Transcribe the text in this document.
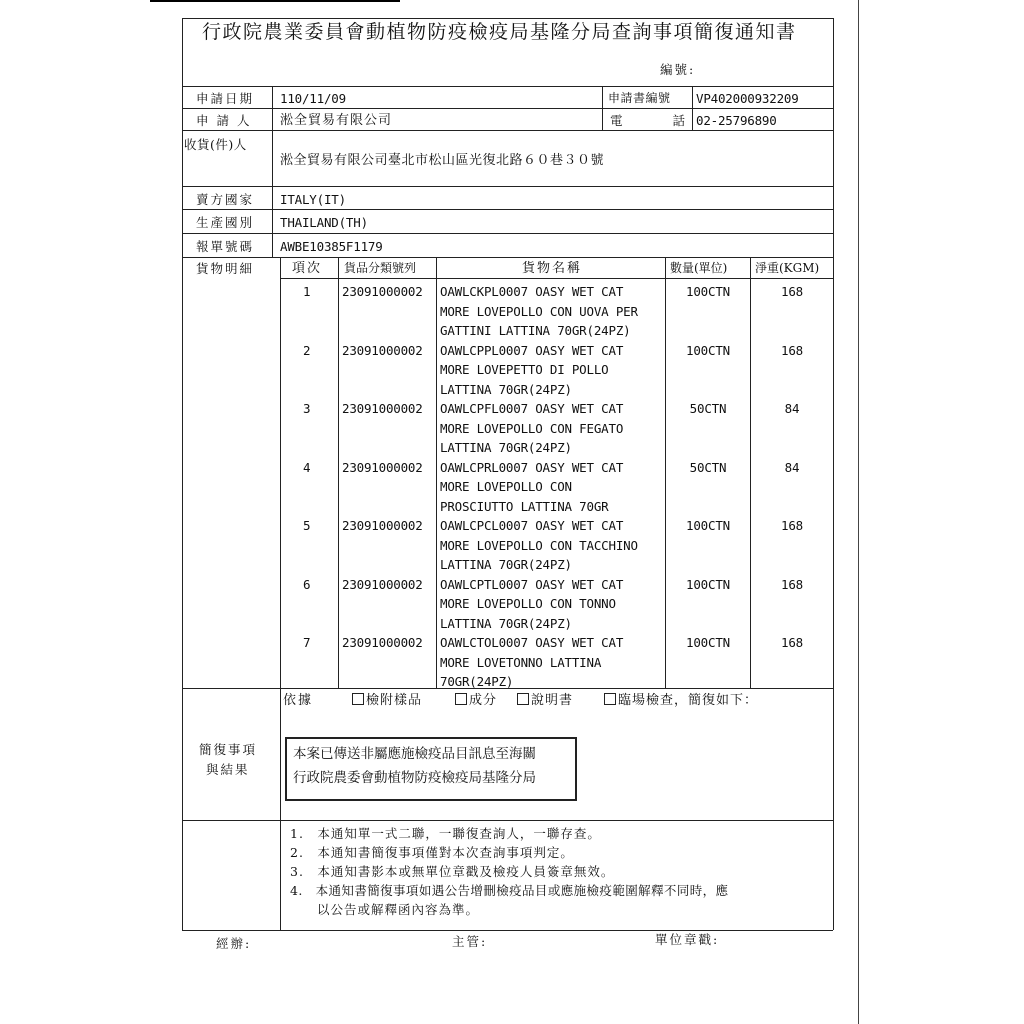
行政院農業委員會動植物防疫檢疫局基隆分局查詢事項簡復通知書
編號:
申請日期 110/11/09	申請書編號 VP402000932209
申 請 人 淞全貿易有限公司	電 話 02-25796890
收貨(件)人
淞全貿易有限公司臺北市松山區光復北路６０巷３０號
賣方國家 ITALY(IT)
生產國別 THAILAND(TH)
報單號碼 AWBE10385F1179
貨物明細	項次 貨品分類號列	貨物名稱	數量(單位) 淨重(KGM)
1	23091000002 OAWLCKPL0007 OASY WET CAT
MORE LOVEPOLLO CON UOVA PER
GATTINI LATTINA 70GR(24PZ)
100CTN	168
2	23091000002 OAWLCPPL0007 OASY WET CAT
MORE LOVEPETTO DI POLLO
LATTINA 70GR(24PZ)
100CTN	168
3	23091000002 OAWLCPFL0007 OASY WET CAT
MORE LOVEPOLLO CON FEGATO
LATTINA 70GR(24PZ)
50CTN	84
4	23091000002 OAWLCPRL0007 OASY WET CAT
MORE LOVEPOLLO CON
PROSCIUTTO LATTINA 70GR
50CTN	84
5	23091000002 OAWLCPCL0007 OASY WET CAT
MORE LOVEPOLLO CON TACCHINO
LATTINA 70GR(24PZ)
100CTN	168
6	23091000002 OAWLCPTL0007 OASY WET CAT
MORE LOVEPOLLO CON TONNO
LATTINA 70GR(24PZ)
100CTN	168
7	23091000002 OAWLCTOL0007 OASY WET CAT
MORE LOVETONNO LATTINA
70GR(24PZ)
100CTN	168
簡復事項
與結果
依據	檢附樣品	成分	說明書	臨場檢查，簡復如下：
本案已傳送非屬應施檢疫品目訊息至海關
行政院農委會動植物防疫檢疫局基隆分局
1.　本通知單一式二聯，一聯復查詢人，一聯存查。
2.　本通知書簡復事項僅對本次查詢事項判定。
3.　本通知書影本或無單位章戳及檢疫人員簽章無效。
4.　本通知書簡復事項如遇公告增刪檢疫品目或應施檢疫範圍解釋不同時，應
　　以公告或解釋函內容為準。
經辦:	主管:	單位章戳:
